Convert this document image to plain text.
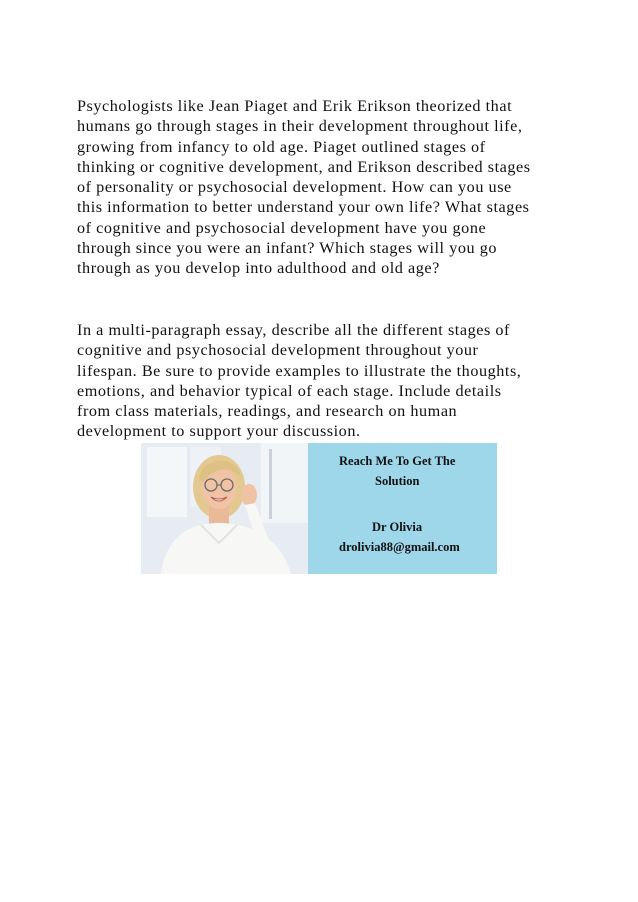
Psychologists like Jean Piaget and Erik Erikson theorized that
humans go through stages in their development throughout life,
growing from infancy to old age. Piaget outlined stages of
thinking or cognitive development, and Erikson described stages
of personality or psychosocial development. How can you use
this information to better understand your own life? What stages
of cognitive and psychosocial development have you gone
through since you were an infant? Which stages will you go
through as you develop into adulthood and old age?

In a multi-paragraph essay, describe all the different stages of
cognitive and psychosocial development throughout your
lifespan. Be sure to provide examples to illustrate the thoughts,
emotions, and behavior typical of each stage. Include details
from class materials, readings, and research on human
development to support your discussion.

Reach Me To Get The
Solution
Dr Olivia
drolivia88@gmail.com
